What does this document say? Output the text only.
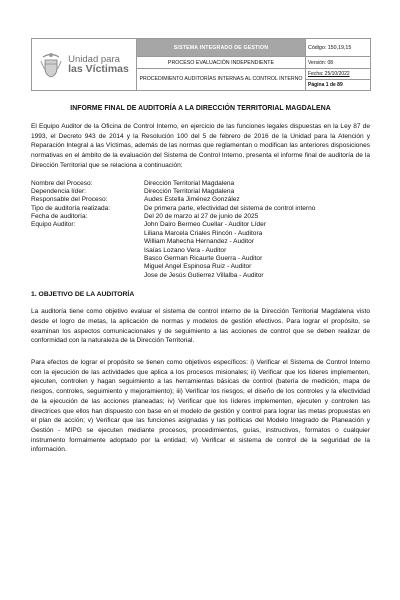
Unidad para
las Víctimas
SISTEMA INTEGRADO DE GESTION
PROCESO EVALUACIÓN INDEPENDIENTE
PROCEDIMIENTO AUDITORÍAS INTERNAS AL CONTROL INTERNO
Código: 150,19,15
Versión: 08
Fecha: 25/10/2022
Página 1 de 89
INFORME FINAL DE AUDITORÍA A LA DIRECCIÓN TERRITORIAL MAGDALENA

El Equipo Auditor de la Oficina de Control Interno, en ejercicio de las funciones legales dispuestas en la Ley 87 de 1993, el Decreto 943 de 2014 y la Resolución 100 del 5 de febrero de 2016 de la Unidad para la Atención y Reparación Integral a las Víctimas, además de las normas que reglamentan o modifican las anteriores disposiciones normativas en el ámbito de la evaluación del Sistema de Control Interno, presenta el informe final de auditoría de la Dirección Territorial que se relaciona a continuación:

Nombre del Proceso:	Dirección Territorial Magdalena
Dependencia líder:	Dirección Territorial Magdalena
Responsable del Proceso:	Audes Estella Jiménez González
Tipo de auditoría realizada:	De primera parte, efectividad del sistema de control interno
Fecha de auditoría:	Del 20 de marzo al 27 de junio de 2025
Equipo Auditor:	John Dairo Bermeo Cuellar - Auditor Líder
Liliana Marcela Criales Rincón - Auditora
William Mahecha Hernandez - Auditor
Isaías Lozano Vera - Auditor
Basco German Ricaurte Guerra - Auditor
Miguel Angel Espinosa Ruiz - Auditor
Jose de Jesús Gutierrez Villalba - Auditor
1. OBJETIVO DE LA AUDITORÍA

La auditoría tiene como objetivo evaluar el sistema de control interno de la Dirección Territorial Magdalena visto desde el logro de metas, la aplicación de normas y modelos de gestión efectivos. Para lograr el propósito, se examinan los aspectos comunicacionales y de seguimiento a las acciones de control que se deben realizar de conformidad con la naturaleza de la Dirección Territorial.

Para efectos de lograr el propósito se tienen como objetivos específicos: i) Verificar el Sistema de Control Interno con la ejecución de las actividades que aplica a los procesos misionales; ii) Verificar que los líderes implementen, ejecuten, controlen y hagan seguimiento a las herramientas básicas de control (batería de medición, mapa de riesgos, controles, seguimiento y mejoramiento); iii) Verificar los riesgos, el diseño de los controles y la efectividad de la ejecución de las acciones planeadas; iv) Verificar que los líderes implementen, ejecuten y controlen las directrices que ellos han dispuesto con base en el modelo de gestión y control para lograr las metas propuestas en el plan de acción; v) Verificar que las funciones asignadas y las políticas del Modelo Integrado de Planeación y Gestión - MIPG se ejecuten mediante procesos, procedimientos, guías, instructivos, formatos o cualquier instrumento formalmente adoptado por la entidad; vi) Verificar el sistema de control de la seguridad de la información.
